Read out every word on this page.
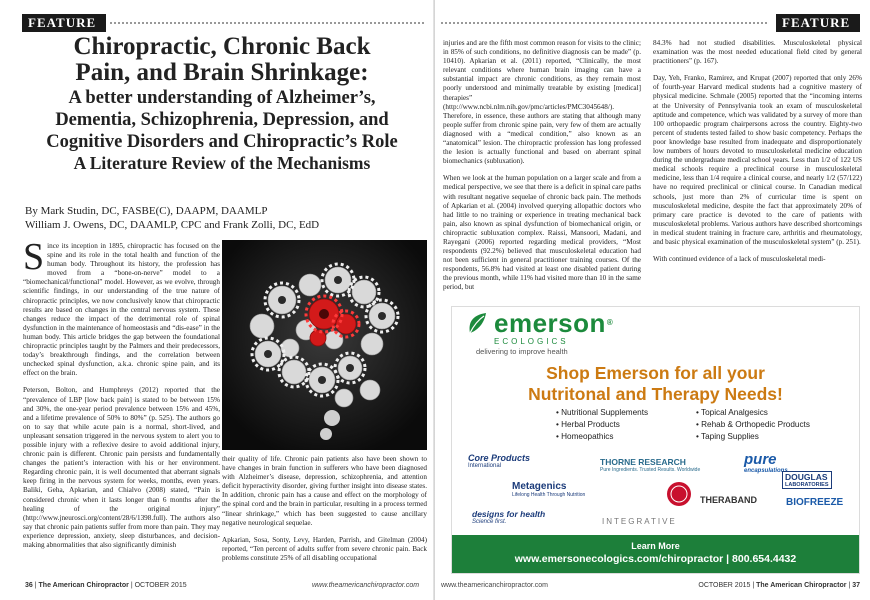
FEATURE
Chiropractic, Chronic Back
Pain, and Brain Shrinkage:
A better understanding of Alzheimer’s,
Dementia, Schizophrenia, Depression, and
Cognitive Disorders and Chiropractic’s Role
A Literature Review of the Mechanisms
By Mark Studin, DC, FASBE(C), DAAPM, DAAMLP
William J. Owens, DC, DAAMLP, CPC and Frank Zolli, DC, EdD

Since its inception in 1895, chiropractic has focused on the spine and its role in the total health and function of the human body. Throughout its history, the profession has moved from a “bone-on-nerve” model to a “biomechanical/functional” model. However, as we evolve, through scientific findings, in our understanding of the true nature of chiropractic principles, we now conclusively know that chiropractic results are based on changes in the central nervous system. These changes reduce the impact of the detrimental role of spinal dysfunction in the maintenance of homeostasis and “dis-ease” in the human body. This article bridges the gap between the foundational chiropractic principles taught by the Palmers and their predecessors, today’s breakthrough findings, and the correlation between unchecked spinal dysfunction, a.k.a. chronic spine pain, and its effect on the brain.

Peterson, Bolton, and Humphreys (2012) reported that the “prevalence of LBP [low back pain] is stated to be between 15% and 30%, the one-year period prevalence between 15% and 45%, and a lifetime prevalence of 50% to 80%” (p. 525). The authors go on to say that while acute pain is a normal, short-lived, and unpleasant sensation triggered in the nervous system to alert you to possible injury with a reflexive desire to avoid additional injury, chronic pain is different. Chronic pain persists and fundamentally changes the patient’s interaction with his or her environment. Regarding chronic pain, it is well documented that aberrant signals keep firing in the nervous system for weeks, months, even years. Baliki, Geha, Apkarian, and Chialvo (2008) stated, “Pain is considered chronic when it lasts longer than 6 months after the healing of the original injury” (http://www.jneurosci.org/content/28/6/1398.full). The authors also say that chronic pain patients suffer from more than pain. They may experience depression, anxiety, sleep disturbances, and decision-making abnormalities that also significantly diminish

their quality of life. Chronic pain patients also have been shown to have changes in brain function in sufferers who have been diagnosed with Alzheimer’s disease, depression, schizophrenia, and attention deficit hyperactivity disorder, giving further insight into disease states. In addition, chronic pain has a cause and effect on the morphology of the spinal cord and the brain in particular, resulting in a process termed “linear shrinkage,” which has been suggested to cause ancillary negative neurological sequelae.

Apkarian, Sosa, Sonty, Levy, Harden, Parrish, and Gitelman (2004) reported, “Ten percent of adults suffer from severe chronic pain. Back problems constitute 25% of all disabling occupational

36 | The American Chiropractor | OCTOBER 2015	www.theamericanchiropractor.com
FEATURE

injuries and are the fifth most common reason for visits to the clinic; in 85% of such conditions, no definitive diagnosis can be made” (p. 10410). Apkarian et al. (2011) reported, “Clinically, the most relevant conditions where human brain imaging can have a substantial impact are chronic conditions, as they remain most poorly understood and minimally treatable by existing [medical] therapies” (http://www.ncbi.nlm.nih.gov/pmc/articles/PMC3045648/). Therefore, in essence, these authors are stating that although many people suffer from chronic spine pain, very few of them are actually diagnosed with a “medical condition,” also known as an “anatomical” lesion. The chiropractic profession has long professed the lesion is actually functional and based on aberrant spinal biomechanics (subluxation).

When we look at the human population on a larger scale and from a medical perspective, we see that there is a deficit in spinal care paths with resultant negative sequelae of chronic back pain. The methods of Apkarian et al. (2004) involved querying allopathic doctors who had little to no training or experience in treating mechanical back pain, also known as spinal dysfunction of biomechanical origin, or chiropractic subluxation complex. Raissi, Mansoori, Madani, and Rayegani (2006) reported regarding medical providers, “Most respondents (92.2%) believed that musculoskeletal education had not been sufficient in general practitioner training courses. Of the respondents, 56.8% had visited at least one disabled patient during the previous month, while 11% had visited more than 10 in the same period, but

84.3% had not studied disabilities. Musculoskeletal physical examination was the most needed educational field cited by general practitioners” (p. 167).

Day, Yeh, Franko, Ramirez, and Krupat (2007) reported that only 26% of fourth-year Harvard medical students had a cognitive mastery of physical medicine. Schmale (2005) reported that the “incoming interns at the University of Pennsylvania took an exam of musculoskeletal aptitude and competence, which was validated by a survey of more than 100 orthopaedic program chairpersons across the country. Eighty-two percent of students tested failed to show basic competency. Perhaps the poor knowledge base resulted from inadequate and disproportionately low numbers of hours devoted to musculoskeletal medicine education during the undergraduate medical school years. Less than 1/2 of 122 US medical schools require a preclinical course in musculoskeletal medicine, less than 1/4 require a clinical course, and nearly 1/2 (57/122) have no required preclinical or clinical course. In Canadian medical schools, just more than 2% of curricular time is spent on musculoskeletal medicine, despite the fact that approximately 20% of primary care practice is devoted to the care of patients with musculoskeletal problems. Various authors have described shortcomings in medical student training in fracture care, arthritis and rheumatology, and basic physical examination of the musculoskeletal system” (p. 251).

With continued evidence of a lack of musculoskeletal medi-

emerson®
ECOLOGICS
delivering to improve health
Shop Emerson for all your
Nutritonal and Therapy Needs!
• Nutritional Supplements
• Herbal Products
• Homeopathics
• Topical Analgesics
• Rehab & Orthopedic Products
• Taping Supplies
Core Products
International	THORNE RESEARCH
Pure Ingredients. Trusted Results. Worldwide
pure
encapsulations
DOUGLAS
LABORATORIES
Metagenics
Lifelong Health Through Nutrition	THERABAND	BIOFREEZE
designs for health
Science first.	INTEGRATIVE
Learn More
www.emersonecologics.com/chiropractor | 800.654.4432
www.theamericanchiropractor.com	OCTOBER 2015 | The American Chiropractor | 37
